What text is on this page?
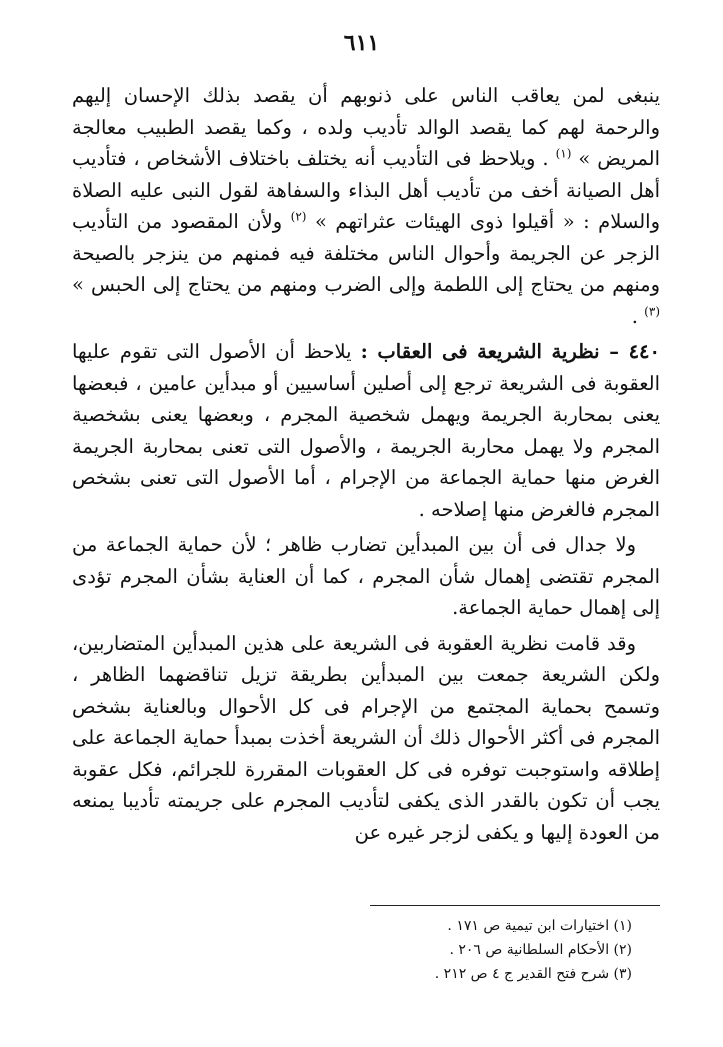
٦١١

ينبغى لمن يعاقب الناس على ذنوبهم أن يقصد بذلك الإحسان إليهم والرحمة لهم كما يقصد الوالد تأديب ولده ، وكما يقصد الطبيب معالجة المريض » $^{(١)}$ . ويلاحظ فى التأديب أنه يختلف باختلاف الأشخاص ، فتأديب أهل الصيانة أخف من تأديب أهل البذاء والسفاهة لقول النبى عليه الصلاة والسلام : « أقيلوا ذوى الهيئات عثراتهم » $^{(٢)}$ ولأن المقصود من التأديب الزجر عن الجريمة وأحوال الناس مختلفة فيه فمنهم من ينزجر بالصيحة ومنهم من يحتاج إلى اللطمة وإلى الضرب ومنهم من يحتاج إلى الحبس » $^{(٣)}$ .

٤٤٠ – نظرية الشريعة فى العقاب : يلاحظ أن الأصول التى تقوم عليها العقوبة فى الشريعة ترجع إلى أصلين أساسيين أو مبدأين عامين ، فبعضها يعنى بمحاربة الجريمة ويهمل شخصية المجرم ، وبعضها يعنى بشخصية المجرم ولا يهمل محاربة الجريمة ، والأصول التى تعنى بمحاربة الجريمة الغرض منها حماية الجماعة من الإجرام ، أما الأصول التى تعنى بشخص المجرم فالغرض منها إصلاحه .

ولا جدال فى أن بين المبدأين تضارب ظاهر ؛ لأن حماية الجماعة من المجرم تقتضى إهمال شأن المجرم ، كما أن العناية بشأن المجرم تؤدى إلى إهمال حماية الجماعة.

وقد قامت نظرية العقوبة فى الشريعة على هذين المبدأين المتضاربين، ولكن الشريعة جمعت بين المبدأين بطريقة تزيل تناقضهما الظاهر ، وتسمح بحماية المجتمع من الإجرام فى كل الأحوال وبالعناية بشخص المجرم فى أكثر الأحوال ذلك أن الشريعة أخذت بمبدأ حماية الجماعة على إطلاقه واستوجبت توفره فى كل العقوبات المقررة للجرائم، فكل عقوبة يجب أن تكون بالقدر الذى يكفى لتأديب المجرم على جريمته تأديبا يمنعه من العودة إليها و يكفى لزجر غيره عن

(١) اختيارات ابن تيمية ص ١٧١ .
(٢) الأحكام السلطانية ص ٢٠٦ .
(٣) شرح فتح القدير ج ٤ ص ٢١٢ .
